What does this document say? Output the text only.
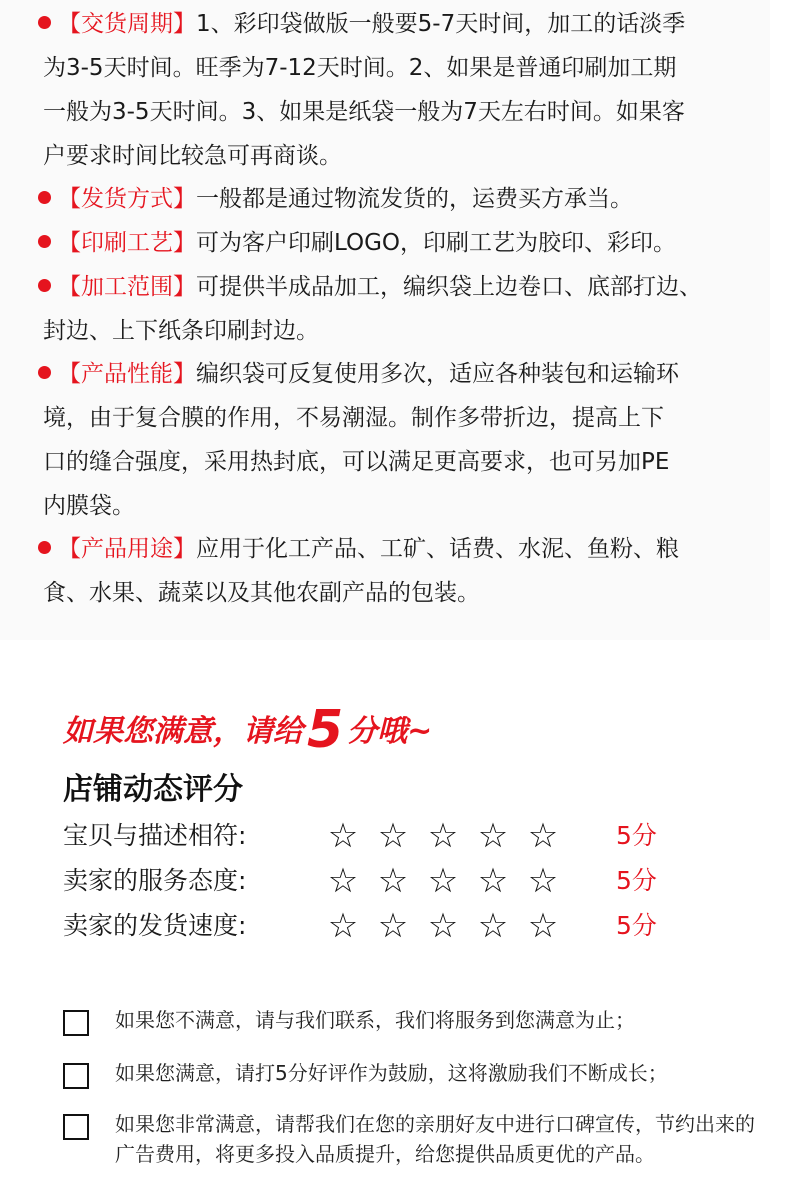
【交货周期】1、彩印袋做版一般要5-7天时间，加工的话淡季
为3-5天时间。旺季为7-12天时间。2、如果是普通印刷加工期
一般为3-5天时间。3、如果是纸袋一般为7天左右时间。如果客
户要求时间比较急可再商谈。
【发货方式】一般都是通过物流发货的，运费买方承当。
【印刷工艺】可为客户印刷LOGO，印刷工艺为胶印、彩印。
【加工范围】可提供半成品加工，编织袋上边卷口、底部打边、
封边、上下纸条印刷封边。
【产品性能】编织袋可反复使用多次，适应各种装包和运输环
境，由于复合膜的作用，不易潮湿。制作多带折边，提高上下
口的缝合强度，采用热封底，可以满足更高要求，也可另加PE
内膜袋。
【产品用途】应用于化工产品、工矿、话费、水泥、鱼粉、粮
食、水果、蔬菜以及其他农副产品的包装。
如果您满意，请给5 分哦~
店铺动态评分
宝贝与描述相符: ☆ ☆ ☆ ☆ ☆	5分
卖家的服务态度: ☆ ☆ ☆ ☆ ☆	5分
卖家的发货速度: ☆ ☆ ☆ ☆ ☆	5分
如果您不满意，请与我们联系，我们将服务到您满意为止；
如果您满意，请打5分好评作为鼓励，这将激励我们不断成长；
如果您非常满意，请帮我们在您的亲朋好友中进行口碑宣传，节约出来的广告费用，将更多投入品质提升，给您提供品质更优的产品。
